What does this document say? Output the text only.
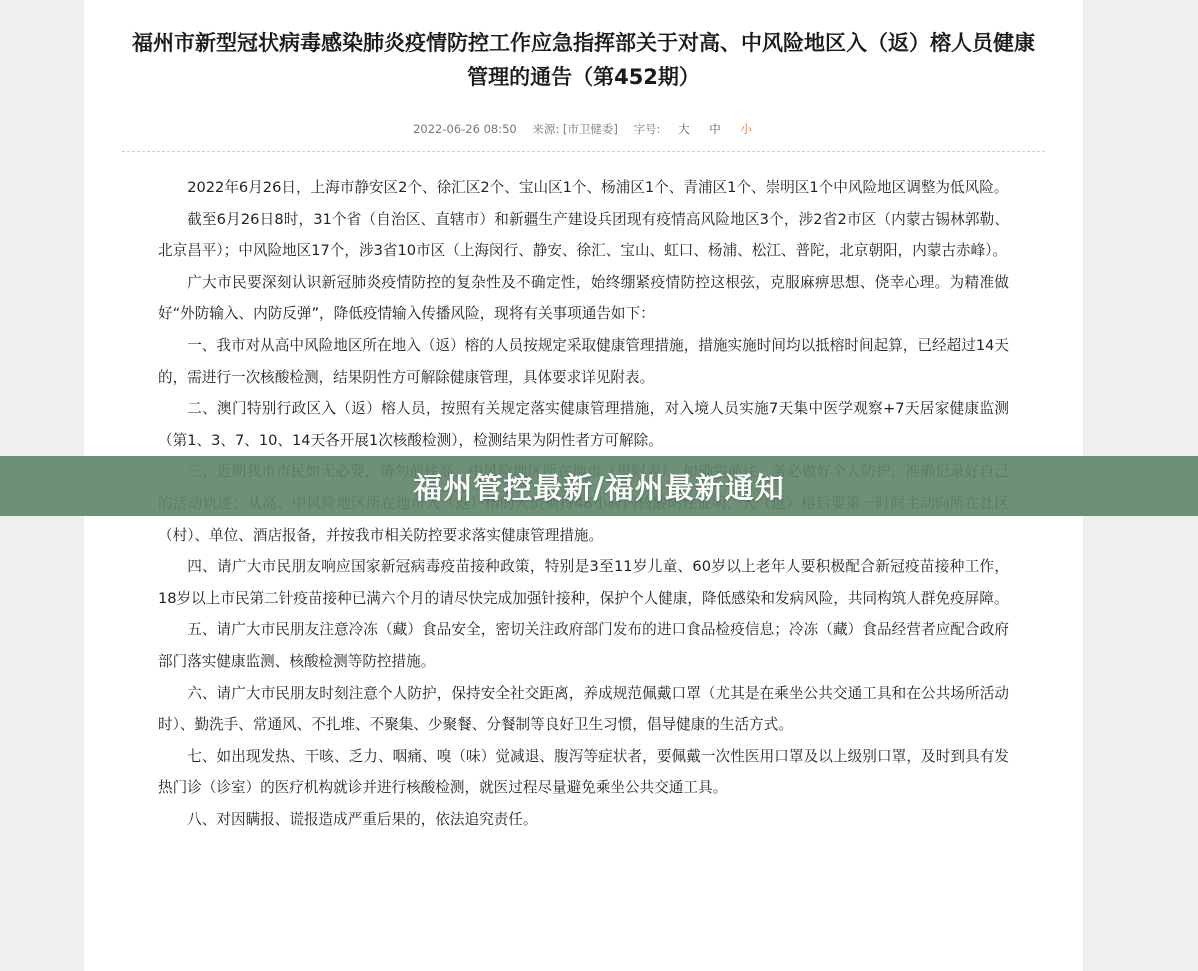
福州市新型冠状病毒感染肺炎疫情防控工作应急指挥部关于对高、中风险地区入（返）榕人员健康管理的通告（第452期）
2022-06-26 08:50 来源: [市卫健委] 字号: 大 中 小

2022年6月26日，上海市静安区2个、徐汇区2个、宝山区1个、杨浦区1个、青浦区1个、崇明区1个中风险地区调整为低风险。

截至6月26日8时，31个省（自治区、直辖市）和新疆生产建设兵团现有疫情高风险地区3个，涉2省2市区（内蒙古锡林郭勒、北京昌平）；中风险地区17个，涉3省10市区（上海闵行、静安、徐汇、宝山、虹口、杨浦、松江、普陀，北京朝阳，内蒙古赤峰）。

广大市民要深刻认识新冠肺炎疫情防控的复杂性及不确定性，始终绷紧疫情防控这根弦，克服麻痹思想、侥幸心理。为精准做好“外防输入、内防反弹”，降低疫情输入传播风险，现将有关事项通告如下：

一、我市对从高中风险地区所在地入（返）榕的人员按规定采取健康管理措施，措施实施时间均以抵榕时间起算，已经超过14天的，需进行一次核酸检测，结果阴性方可解除健康管理，具体要求详见附表。

二、澳门特别行政区入（返）榕人员，按照有关规定落实健康管理措施，对入境人员实施7天集中医学观察+7天居家健康监测（第1、3、7、10、14天各开展1次核酸检测），检测结果为阴性者方可解除。

（村）、单位、酒店报备，并按我市相关防控要求落实健康管理措施。

四、请广大市民朋友响应国家新冠病毒疫苗接种政策，特别是3至11岁儿童、60岁以上老年人要积极配合新冠疫苗接种工作，18岁以上市民第二针疫苗接种已满六个月的请尽快完成加强针接种，保护个人健康，降低感染和发病风险，共同构筑人群免疫屏障。

五、请广大市民朋友注意冷冻（藏）食品安全，密切关注政府部门发布的进口食品检疫信息；冷冻（藏）食品经营者应配合政府部门落实健康监测、核酸检测等防控措施。

六、请广大市民朋友时刻注意个人防护，保持安全社交距离，养成规范佩戴口罩（尤其是在乘坐公共交通工具和在公共场所活动时）、勤洗手、常通风、不扎堆、不聚集、少聚餐、分餐制等良好卫生习惯，倡导健康的生活方式。

七、如出现发热、干咳、乏力、咽痛、嗅（味）觉减退、腹泻等症状者，要佩戴一次性医用口罩及以上级别口罩，及时到具有发热门诊（诊室）的医疗机构就诊并进行核酸检测，就医过程尽量避免乘坐公共交通工具。

八、对因瞒报、谎报造成严重后果的，依法追究责任。

福州管控最新/福州最新通知
